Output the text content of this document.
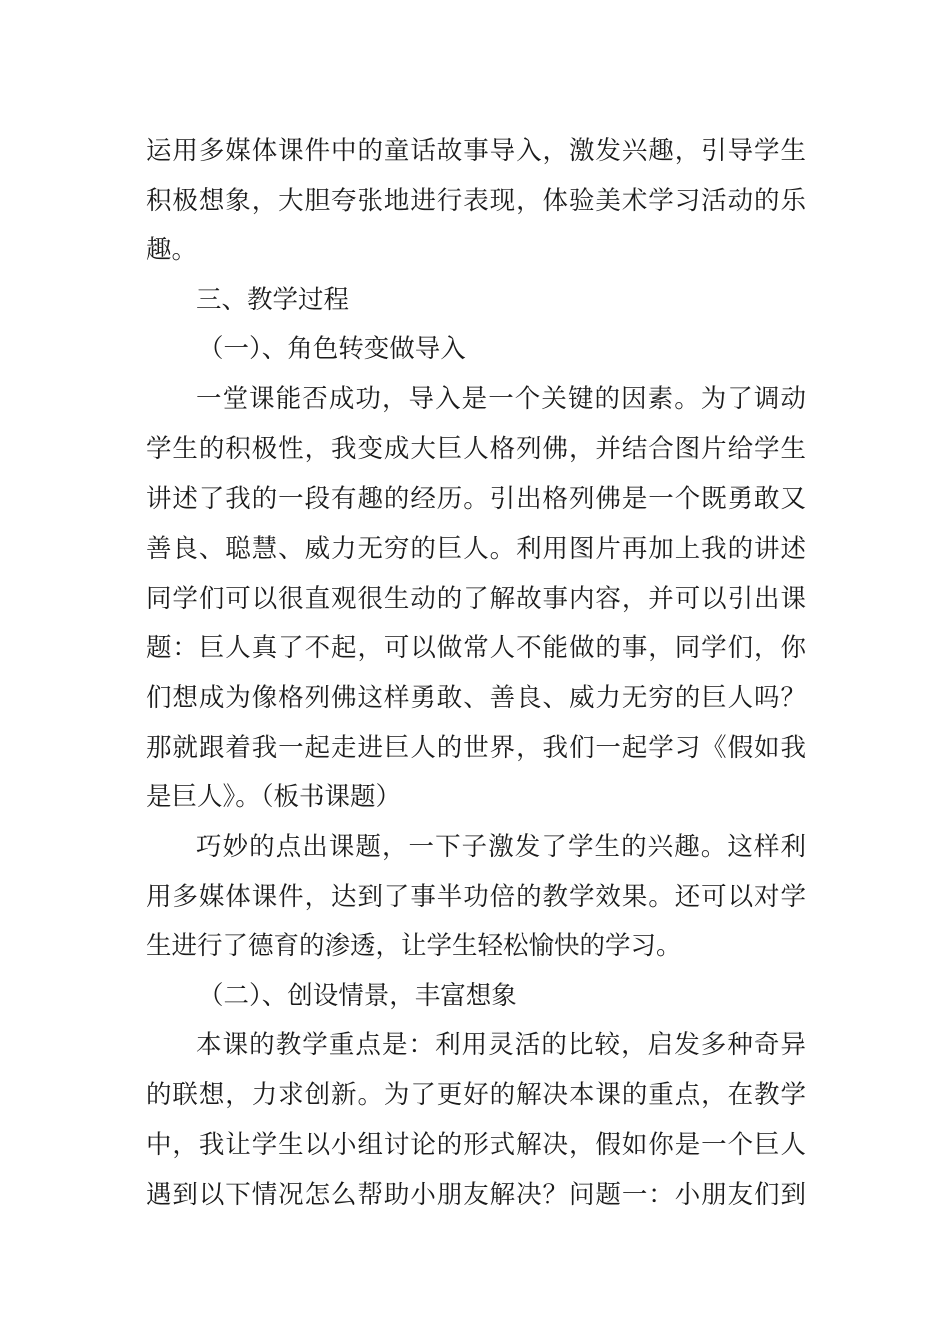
运用多媒体课件中的童话故事导入，激发兴趣，引导学生
积极想象，大胆夸张地进行表现，体验美术学习活动的乐
趣。
三、教学过程
（一）、角色转变做导入
一堂课能否成功，导入是一个关键的因素。为了调动
学生的积极性，我变成大巨人格列佛，并结合图片给学生
讲述了我的一段有趣的经历。引出格列佛是一个既勇敢又
善良、聪慧、威力无穷的巨人。利用图片再加上我的讲述
同学们可以很直观很生动的了解故事内容，并可以引出课
题：巨人真了不起，可以做常人不能做的事，同学们，你
们想成为像格列佛这样勇敢、善良、威力无穷的巨人吗？
那就跟着我一起走进巨人的世界，我们一起学习《假如我
是巨人》。（板书课题）
巧妙的点出课题，一下子激发了学生的兴趣。这样利
用多媒体课件，达到了事半功倍的教学效果。还可以对学
生进行了德育的渗透，让学生轻松愉快的学习。
（二）、创设情景，丰富想象
本课的教学重点是：利用灵活的比较，启发多种奇异
的联想，力求创新。为了更好的解决本课的重点，在教学
中，我让学生以小组讨论的形式解决，假如你是一个巨人
遇到以下情况怎么帮助小朋友解决？问题一：小朋友们到
